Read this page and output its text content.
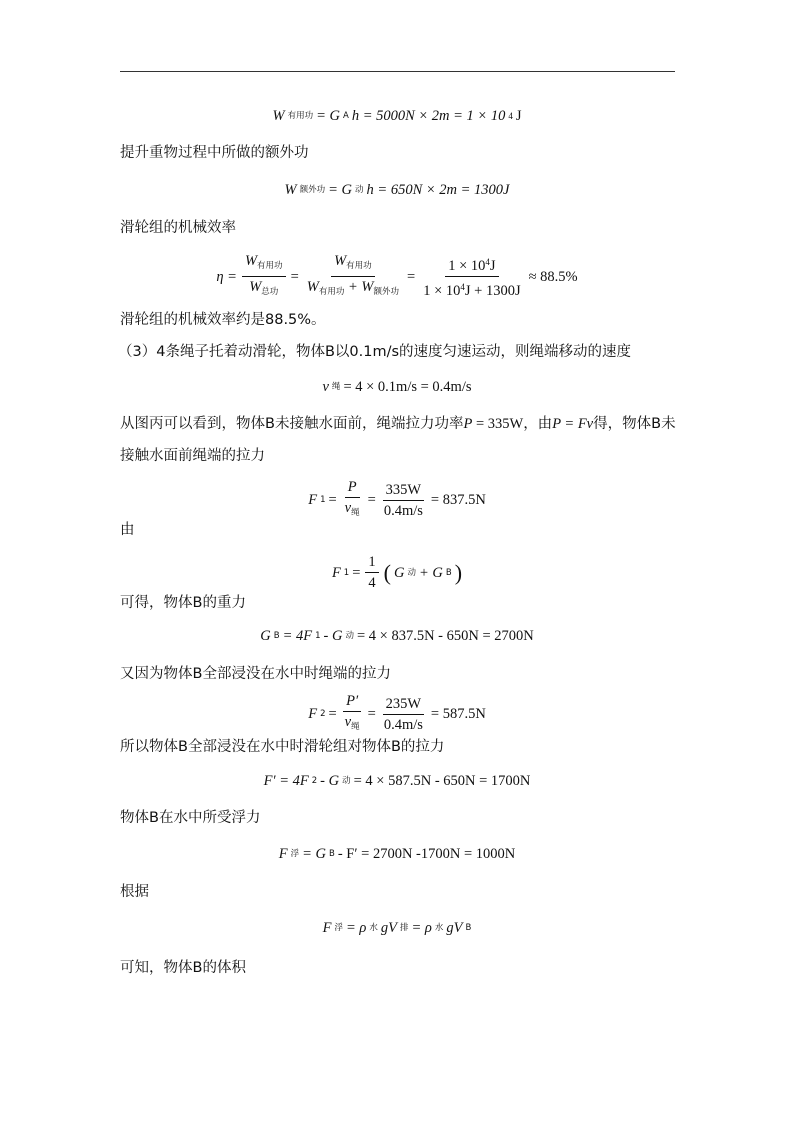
W 有用功 = G A h = 5000N × 2m = 1 × 10 4 J
提升重物过程中所做的额外功
W 额外功 = G 动 h = 650N × 2m = 1300J
滑轮组的机械效率
$\eta = \frac{W_{有用功}}{W_{总功}} = \frac{W_{有用功}}{W_{有用功} + W_{额外功}} = \frac{1 \times 10^4J}{1 \times 10^4J + 1300J} \approx 88.5\%$
滑轮组的机械效率约是88.5%。
（3）4条绳子托着动滑轮，物体B以0.1m/s的速度匀速运动，则绳端移动的速度
v 绳 = 4 × 0.1m/s = 0.4m/s
从图丙可以看到，物体B未接触水面前，绳端拉力功率P = 335W，由P = Fv得，物体B未
接触水面前绳端的拉力
F $1 = \frac{P}{v_绳} = \frac{335W}{0.4m/s} = 837.5N$
由
F $1 = \frac{1}{4}$ ( G 动 + G B )
可得，物体B的重力
G B = 4F 1 - G 动 = 4 × 837.5N - 650N = 2700N
又因为物体B全部浸没在水中时绳端的拉力
F $2 = \frac{P'}{v_绳} = \frac{235W}{0.4m/s} = 587.5N$
所以物体B全部浸没在水中时滑轮组对物体B的拉力
F′ = 4F 2 - G 动 = 4 × 587.5N - 650N = 1700N
物体B在水中所受浮力
F 浮 = G B - F′ = 2700N -1700N = 1000N
根据
F 浮 = ρ 水 gV 排 = ρ 水 gV B
可知，物体B的体积
